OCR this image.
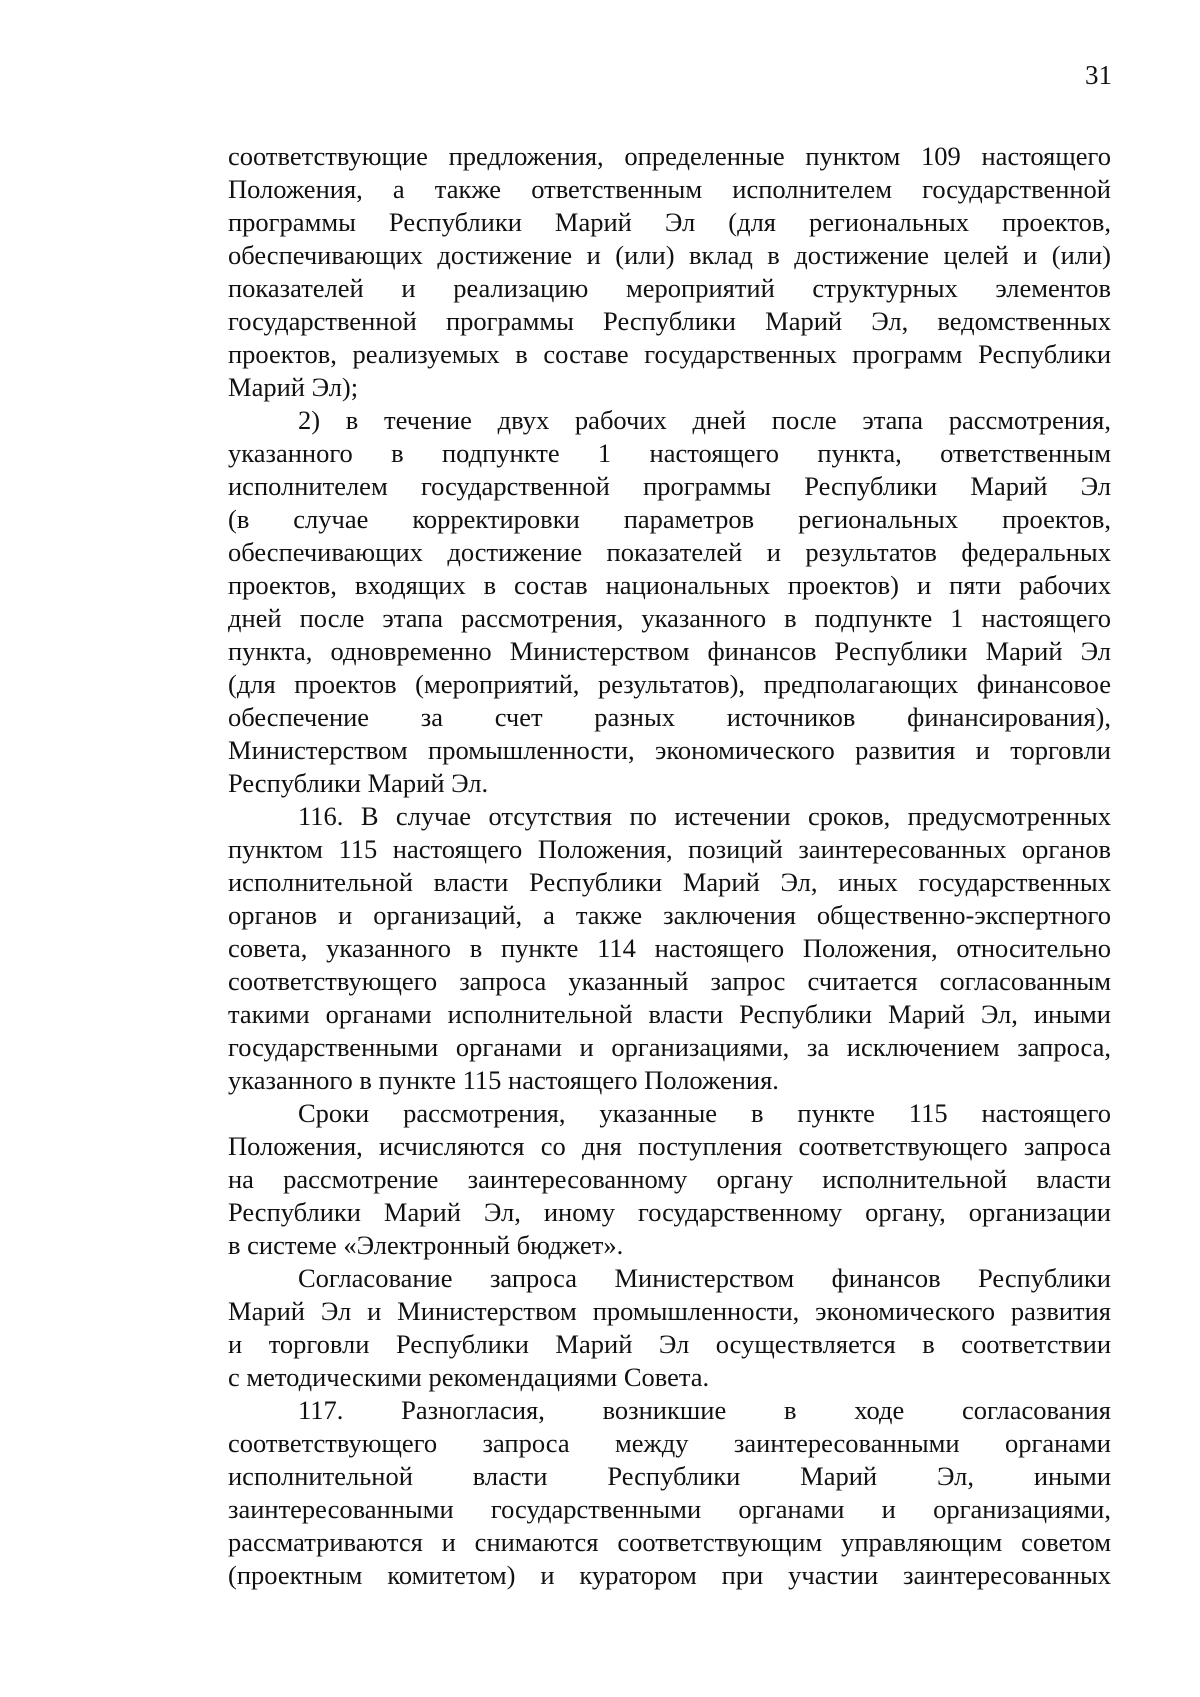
31
соответствующие предложения, определенные пунктом 109 настоящего
Положения, а также ответственным исполнителем государственной
программы Республики Марий Эл (для региональных проектов,
обеспечивающих достижение и (или) вклад в достижение целей и (или)
показателей и реализацию мероприятий структурных элементов
государственной программы Республики Марий Эл, ведомственных
проектов, реализуемых в составе государственных программ Республики
Марий Эл);
2) в течение двух рабочих дней после этапа рассмотрения,
указанного в подпункте 1 настоящего пункта, ответственным
исполнителем государственной программы Республики Марий Эл
(в случае корректировки параметров региональных проектов,
обеспечивающих достижение показателей и результатов федеральных
проектов, входящих в состав национальных проектов) и пяти рабочих
дней после этапа рассмотрения, указанного в подпункте 1 настоящего
пункта, одновременно Министерством финансов Республики Марий Эл
(для проектов (мероприятий, результатов), предполагающих финансовое
обеспечение за счет разных источников финансирования),
Министерством промышленности, экономического развития и торговли
Республики Марий Эл.
116. В случае отсутствия по истечении сроков, предусмотренных
пунктом 115 настоящего Положения, позиций заинтересованных органов
исполнительной власти Республики Марий Эл, иных государственных
органов и организаций, а также заключения общественно-экспертного
совета, указанного в пункте 114 настоящего Положения, относительно
соответствующего запроса указанный запрос считается согласованным
такими органами исполнительной власти Республики Марий Эл, иными
государственными органами и организациями, за исключением запроса,
указанного в пункте 115 настоящего Положения.
Сроки рассмотрения, указанные в пункте 115 настоящего
Положения, исчисляются со дня поступления соответствующего запроса
на рассмотрение заинтересованному органу исполнительной власти
Республики Марий Эл, иному государственному органу, организации
в системе «Электронный бюджет».
Согласование запроса Министерством финансов Республики
Марий Эл и Министерством промышленности, экономического развития
и торговли Республики Марий Эл осуществляется в соответствии
с методическими рекомендациями Совета.
117. Разногласия, возникшие в ходе согласования
соответствующего запроса между заинтересованными органами
исполнительной власти Республики Марий Эл, иными
заинтересованными государственными органами и организациями,
рассматриваются и снимаются соответствующим управляющим советом
(проектным комитетом) и куратором при участии заинтересованных
